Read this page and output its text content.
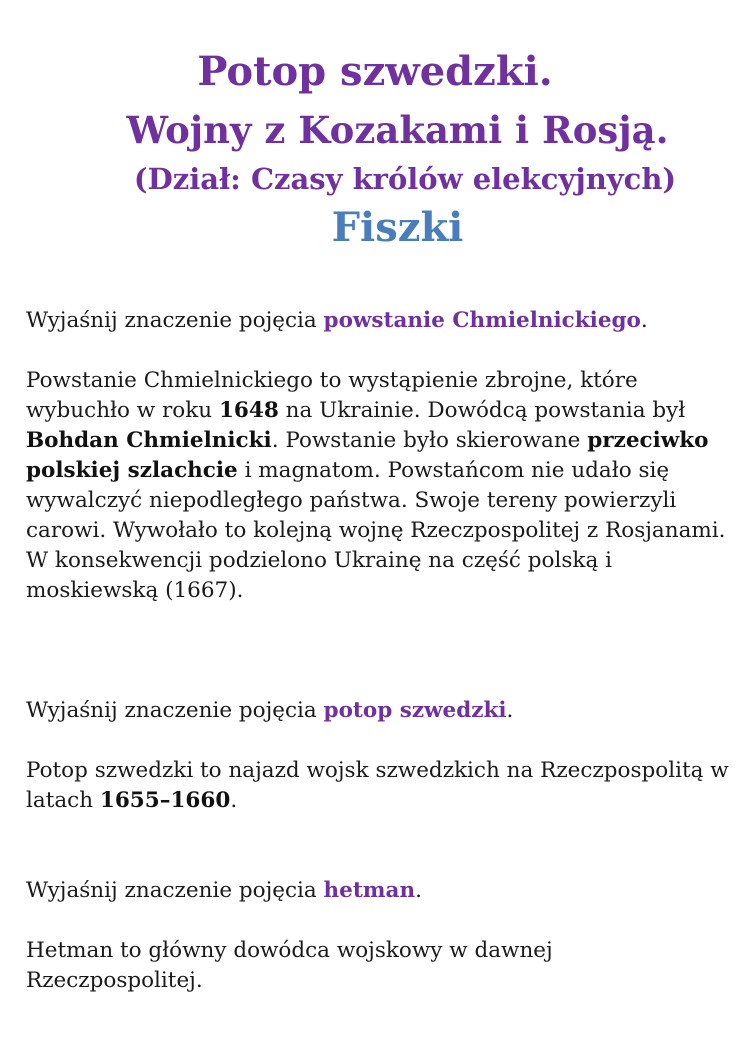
Potop szwedzki.
Wojny z Kozakami i Rosją.
(Dział: Czasy królów elekcyjnych)
Fiszki

Wyjaśnij znaczenie pojęcia powstanie Chmielnickiego.

Powstanie Chmielnickiego to wystąpienie zbrojne, które wybuchło w roku 1648 na Ukrainie. Dowódcą powstania był Bohdan Chmielnicki. Powstanie było skierowane przeciwko polskiej szlachcie i magnatom. Powstańcom nie udało się wywalczyć niepodległego państwa. Swoje tereny powierzyli carowi. Wywołało to kolejną wojnę Rzeczpospolitej z Rosjanami. W konsekwencji podzielono Ukrainę na część polską i moskiewską (1667).

Wyjaśnij znaczenie pojęcia potop szwedzki.

Potop szwedzki to najazd wojsk szwedzkich na Rzeczpospolitą w latach 1655–1660.

Wyjaśnij znaczenie pojęcia hetman.

Hetman to główny dowódca wojskowy w dawnej Rzeczpospolitej.
